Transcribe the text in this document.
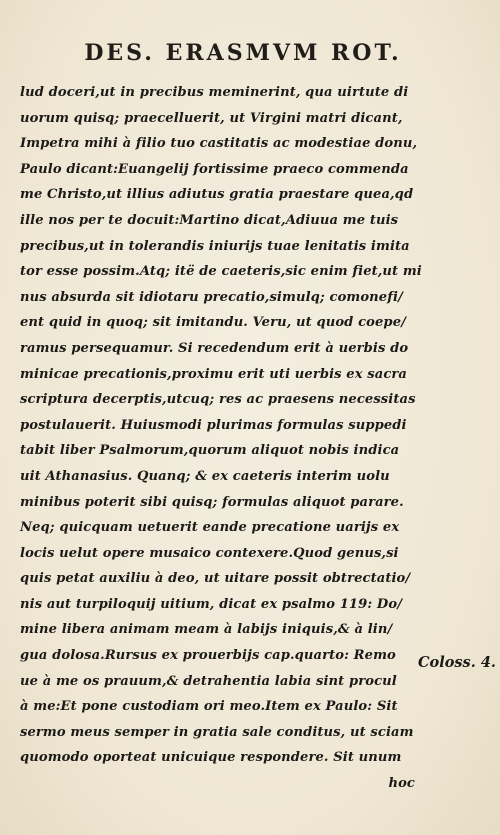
DES. ERASMVM ROT.
lud doceri,ut in precibus meminerint, qua uirtute di
uorum quisq; praecelluerit, ut Virgini matri dicant,
Impetra mihi à filio tuo castitatis ac modestiae donu,
Paulo dicant:Euangelij fortissime praeco commenda
me Christo,ut illius adiutus gratia praestare quea,qd
ille nos per te docuit:Martino dicat,Adiuua me tuis
precibus,ut in tolerandis iniurijs tuae lenitatis imita
tor esse possim.Atq; itë de caeteris,sic enim fiet,ut mi
nus absurda sit idiotaru precatio,simulq; comonefi/
ent quid in quoq; sit imitandu. Veru, ut quod coepe/
ramus persequamur. Si recedendum erit à uerbis do
minicae precationis,proximu erit uti uerbis ex sacra
scriptura decerptis,utcuq; res ac praesens necessitas
postulauerit. Huiusmodi plurimas formulas suppedi
tabit liber Psalmorum,quorum aliquot nobis indica
uit Athanasius. Quanq; & ex caeteris interim uolu
minibus poterit sibi quisq; formulas aliquot parare.
Neq; quicquam uetuerit eande precatione uarijs ex
locis uelut opere musaico contexere.Quod genus,si
quis petat auxiliu à deo, ut uitare possit obtrectatio/
nis aut turpiloquij uitium, dicat ex psalmo 119: Do/
mine libera animam meam à labijs iniquis,& à lin/
gua dolosa.Rursus ex prouerbijs cap.quarto: Remo
ue à me os prauum,& detrahentia labia sint procul
à me:Et pone custodiam ori meo.Item ex Paulo: Sit
sermo meus semper in gratia sale conditus, ut sciam
quomodo oporteat unicuique respondere. Sit unum
hoc
Coloss. 4.
